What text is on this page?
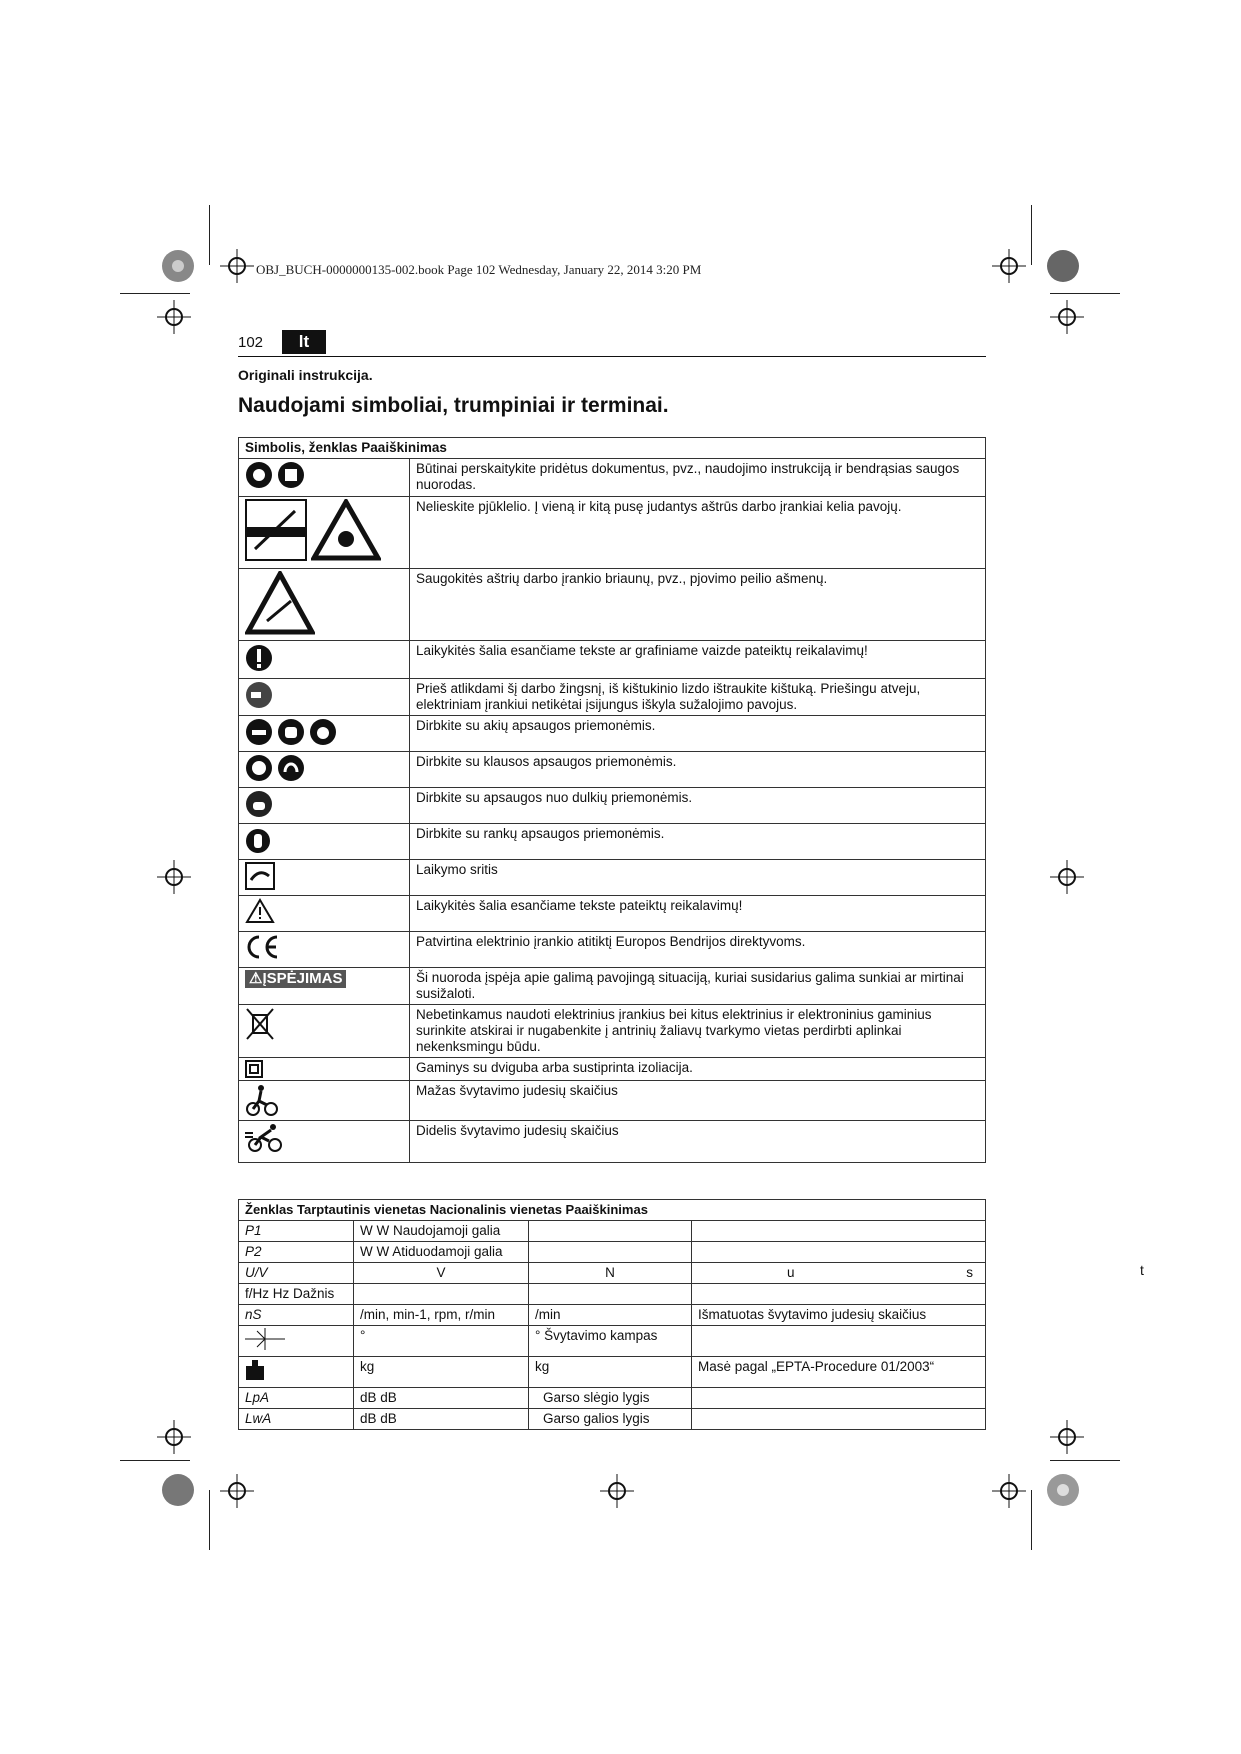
OBJ_BUCH-0000000135-002.book Page 102 Wednesday, January 22, 2014 3:20 PM
102	lt
Originali instrukcija.
Naudojami simboliai, trumpiniai ir terminai.
Simbolis, ženklas Paaiškinimas	
	Būtinai perskaitykite pridėtus dokumentus, pvz., naudojimo instrukciją ir bendrąsias saugos nuorodas.
	Nelieskite pjūklelio. Į vieną ir kitą pusę judantys aštrūs darbo įrankiai kelia pavojų.
	Saugokitės aštrių darbo įrankio briaunų, pvz., pjovimo peilio ašmenų.
	Laikykitės šalia esančiame tekste ar grafiniame vaizde pateiktų reikalavimų!
	Prieš atlikdami šį darbo žingsnį, iš kištukinio lizdo ištraukite kištuką. Priešingu atveju, elektriniam įrankiui netikėtai įsijungus iškyla sužalojimo pavojus.
	Dirbkite su akių apsaugos priemonėmis.
	Dirbkite su klausos apsaugos priemonėmis.
	Dirbkite su apsaugos nuo dulkių priemonėmis.
	Dirbkite su rankų apsaugos priemonėmis.
	Laikymo sritis
	Laikykitės šalia esančiame tekste pateiktų reikalavimų!
	Patvirtina elektrinio įrankio atitiktį Europos Bendrijos direktyvoms.
⚠ĮSPĖJIMAS	Ši nuoroda įspėja apie galimą pavojingą situaciją, kuriai susidarius galima sunkiai ar mirtinai susižaloti.
	Nebetinkamus naudoti elektrinius įrankius bei kitus elektrinius ir elektroninius gaminius surinkite atskirai ir nugabenkite į antrinių žaliavų tvarkymo vietas perdirbti aplinkai nekenksmingu būdu.
	Gaminys su dviguba arba sustiprinta izoliacija.
	Mažas švytavimo judesių skaičius
	Didelis švytavimo judesių skaičius
Ženklas Tarptautinis vienetas Nacionalinis vienetas Paaiškinimas			
P1	W W Naudojamoji galia		
P2	W W Atiduodamoji galia		
U/V	V	N	u s

f/Hz Hz Dažnis			
nS	/min, min-1, rpm, r/min	/min	Išmatuotas švytavimo judesių skaičius
	°	° Švytavimo kampas	
	kg	kg	Masė pagal „EPTA-Procedure 01/2003“
LpA	dB dB	Garso slėgio lygis	
LwA	dB dB	Garso galios lygis	
t
